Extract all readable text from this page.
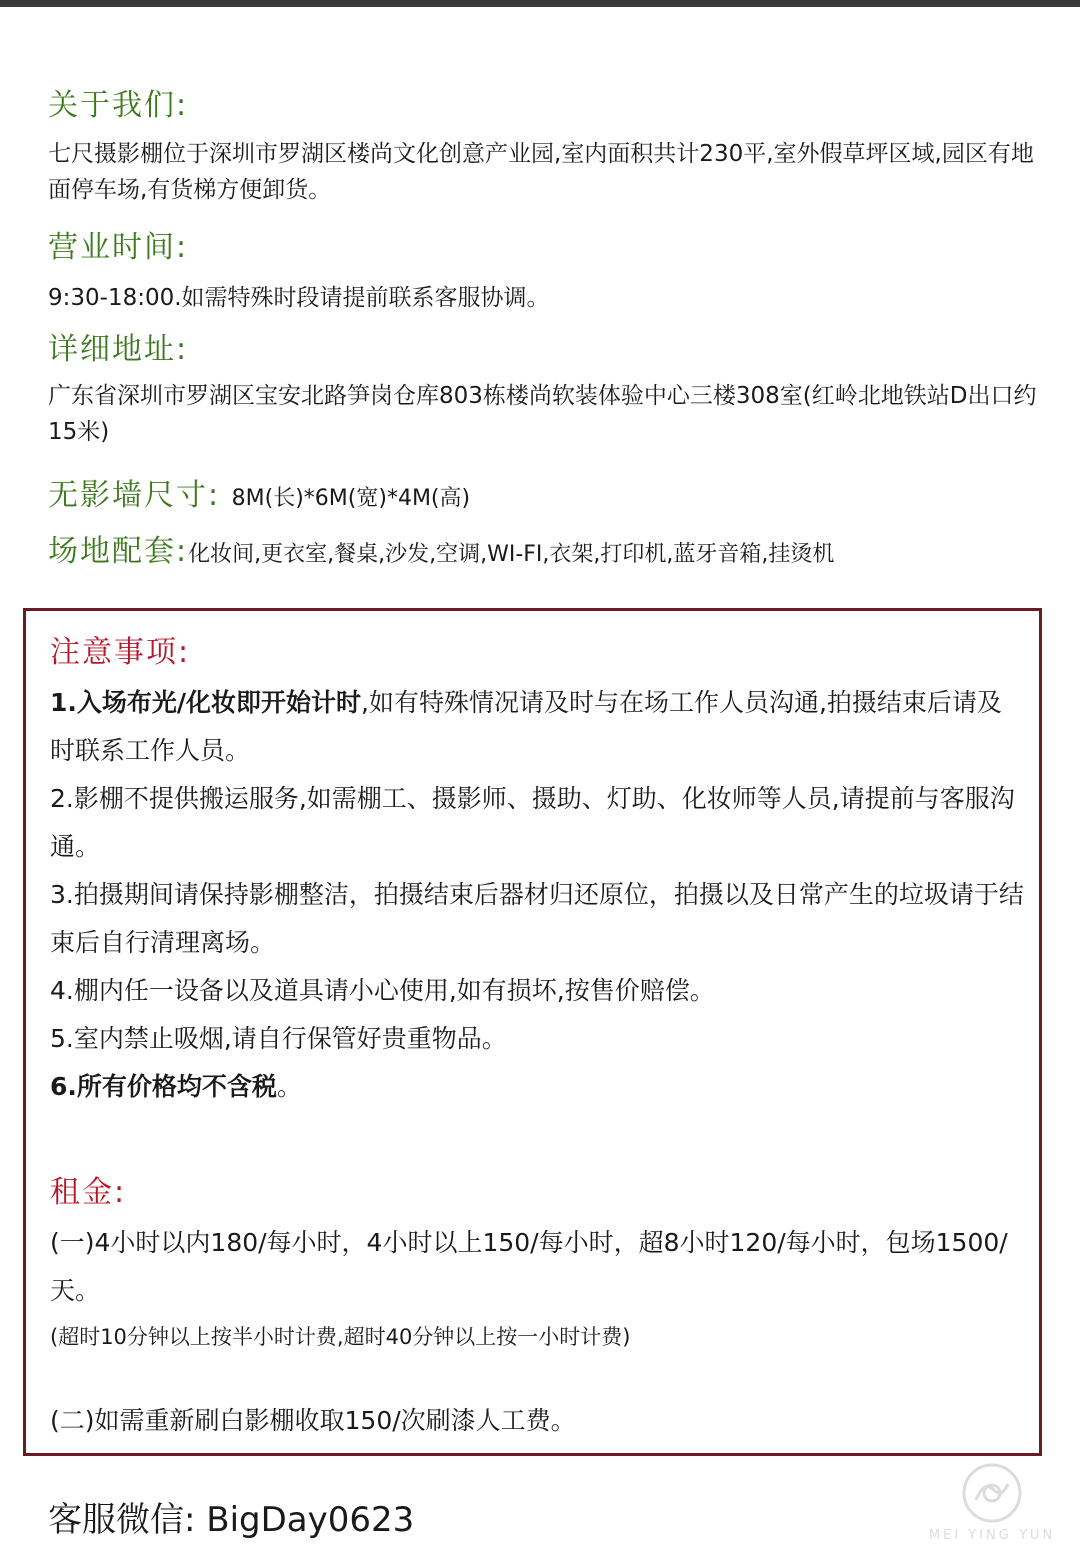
关于我们:
七尺摄影棚位于深圳市罗湖区楼尚文化创意产业园,室内面积共计230平,室外假草坪区域,园区有地面停车场,有货梯方便卸货。
营业时间:
9:30-18:00.如需特殊时段请提前联系客服协调。
详细地址:
广东省深圳市罗湖区宝安北路笋岗仓库803栋楼尚软装体验中心三楼308室(红岭北地铁站D出口约15米)
无影墙尺寸: 8M(长)*6M(宽)*4M(高)
场地配套:化妆间,更衣室,餐桌,沙发,空调,WI-FI,衣架,打印机,蓝牙音箱,挂烫机
注意事项:
1.入场布光/化妆即开始计时,如有特殊情况请及时与在场工作人员沟通,拍摄结束后请及时联系工作人员。
2.影棚不提供搬运服务,如需棚工、摄影师、摄助、灯助、化妆师等人员,请提前与客服沟通。
3.拍摄期间请保持影棚整洁，拍摄结束后器材归还原位，拍摄以及日常产生的垃圾请于结束后自行清理离场。
4.棚内任一设备以及道具请小心使用,如有损坏,按售价赔偿。
5.室内禁止吸烟,请自行保管好贵重物品。
6.所有价格均不含税。
租金:
(一)4小时以内180/每小时，4小时以上150/每小时，超8小时120/每小时，包场1500/天。
(超时10分钟以上按半小时计费,超时40分钟以上按一小时计费)
(二)如需重新刷白影棚收取150/次刷漆人工费。
客服微信: BigDay0623	MEI YING YUN
